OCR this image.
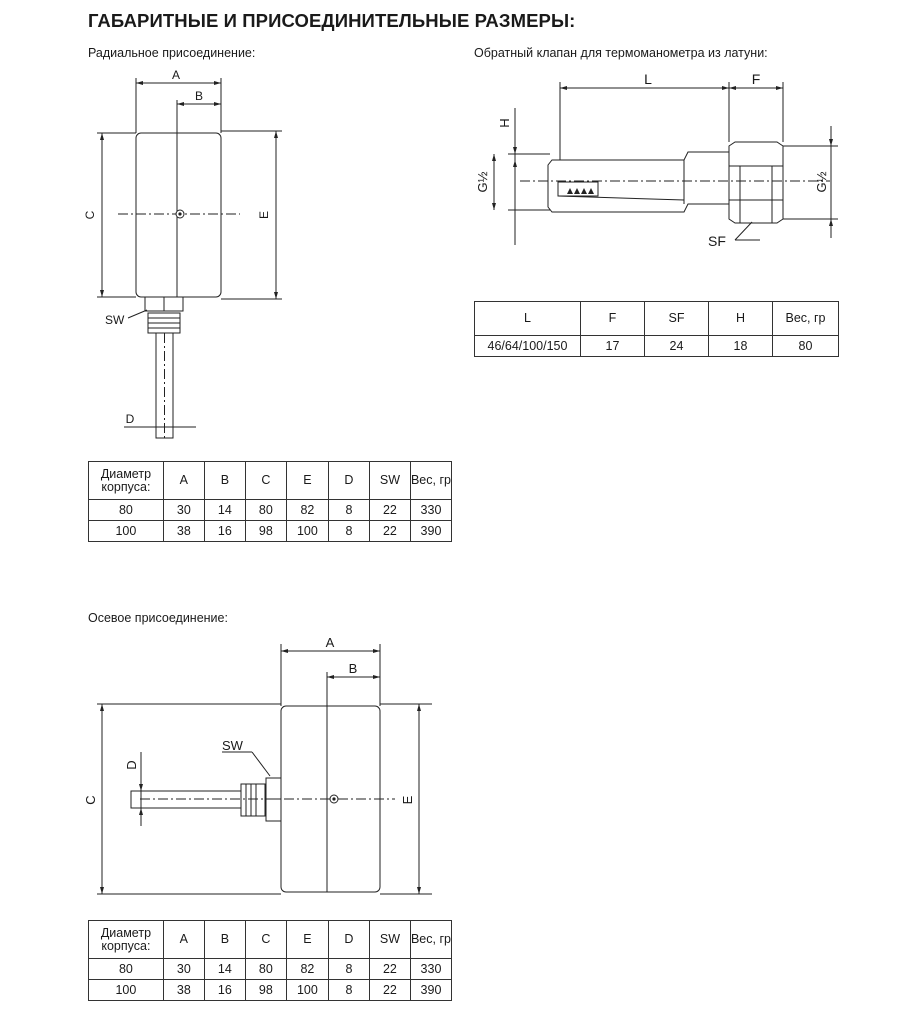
ГАБАРИТНЫЕ И ПРИСОЕДИНИТЕЛЬНЫЕ РАЗМЕРЫ:
Радиальное присоединение:	Обратный клапан для термоманометра из латуни:
Осевое присоединение:
A
B
C	E
D
SW
L	F
H
G½	G½
SF
A
B
C	E
D
SW
Диаметр корпуса:	A	B	C	E	D	SW	Вес, гр
80	30	14	80	82	8	22	330
100	38	16	98	100	8	22	390
L	F	SF	H	Вес, гр
46/64/100/150	17	24	18	80
Диаметр корпуса:	A	B	C	E	D	SW	Вес, гр
80	30	14	80	82	8	22	330
100	38	16	98	100	8	22	390
